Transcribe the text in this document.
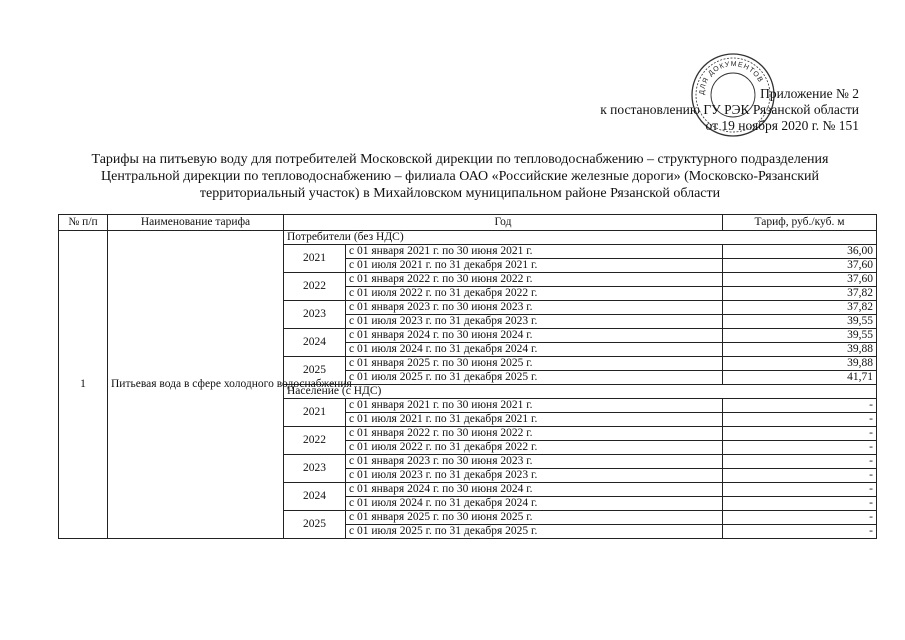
ДЛЯ ДОКУМЕНТОВ
Приложение № 2
к постановлению ГУ РЭК Рязанской области
от 19 ноября 2020 г. № 151
Тарифы на питьевую воду для потребителей Московской дирекции по тепловодоснабжению – структурного подразделения
Центральной дирекции по тепловодоснабжению – филиала ОАО «Российские железные дороги» (Московско-Рязанский
территориальный участок) в Михайловском муниципальном районе Рязанской области
№ п/п	Наименование тарифа	Год		Тариф, руб./куб. м
1	Питьевая вода в сфере холодного водоснабжения	Потребители (без НДС)		
		2021	с 01 января 2021 г. по 30 июня 2021 г.	36,00
			с 01 июля 2021 г. по 31 декабря 2021 г.	37,60
		2022	с 01 января 2022 г. по 30 июня 2022 г.	37,60
			с 01 июля 2022 г. по 31 декабря 2022 г.	37,82
		2023	с 01 января 2023 г. по 30 июня 2023 г.	37,82
			с 01 июля 2023 г. по 31 декабря 2023 г.	39,55
		2024	с 01 января 2024 г. по 30 июня 2024 г.	39,55
			с 01 июля 2024 г. по 31 декабря 2024 г.	39,88
		2025	с 01 января 2025 г. по 30 июня 2025 г.	39,88
			с 01 июля 2025 г. по 31 декабря 2025 г.	41,71
		Население (с НДС)		
		2021	с 01 января 2021 г. по 30 июня 2021 г.	-
			с 01 июля 2021 г. по 31 декабря 2021 г.	-
		2022	с 01 января 2022 г. по 30 июня 2022 г.	-
			с 01 июля 2022 г. по 31 декабря 2022 г.	-
		2023	с 01 января 2023 г. по 30 июня 2023 г.	-
			с 01 июля 2023 г. по 31 декабря 2023 г.	-
		2024	с 01 января 2024 г. по 30 июня 2024 г.	-
			с 01 июля 2024 г. по 31 декабря 2024 г.	-
		2025	с 01 января 2025 г. по 30 июня 2025 г.	-
			с 01 июля 2025 г. по 31 декабря 2025 г.	-
